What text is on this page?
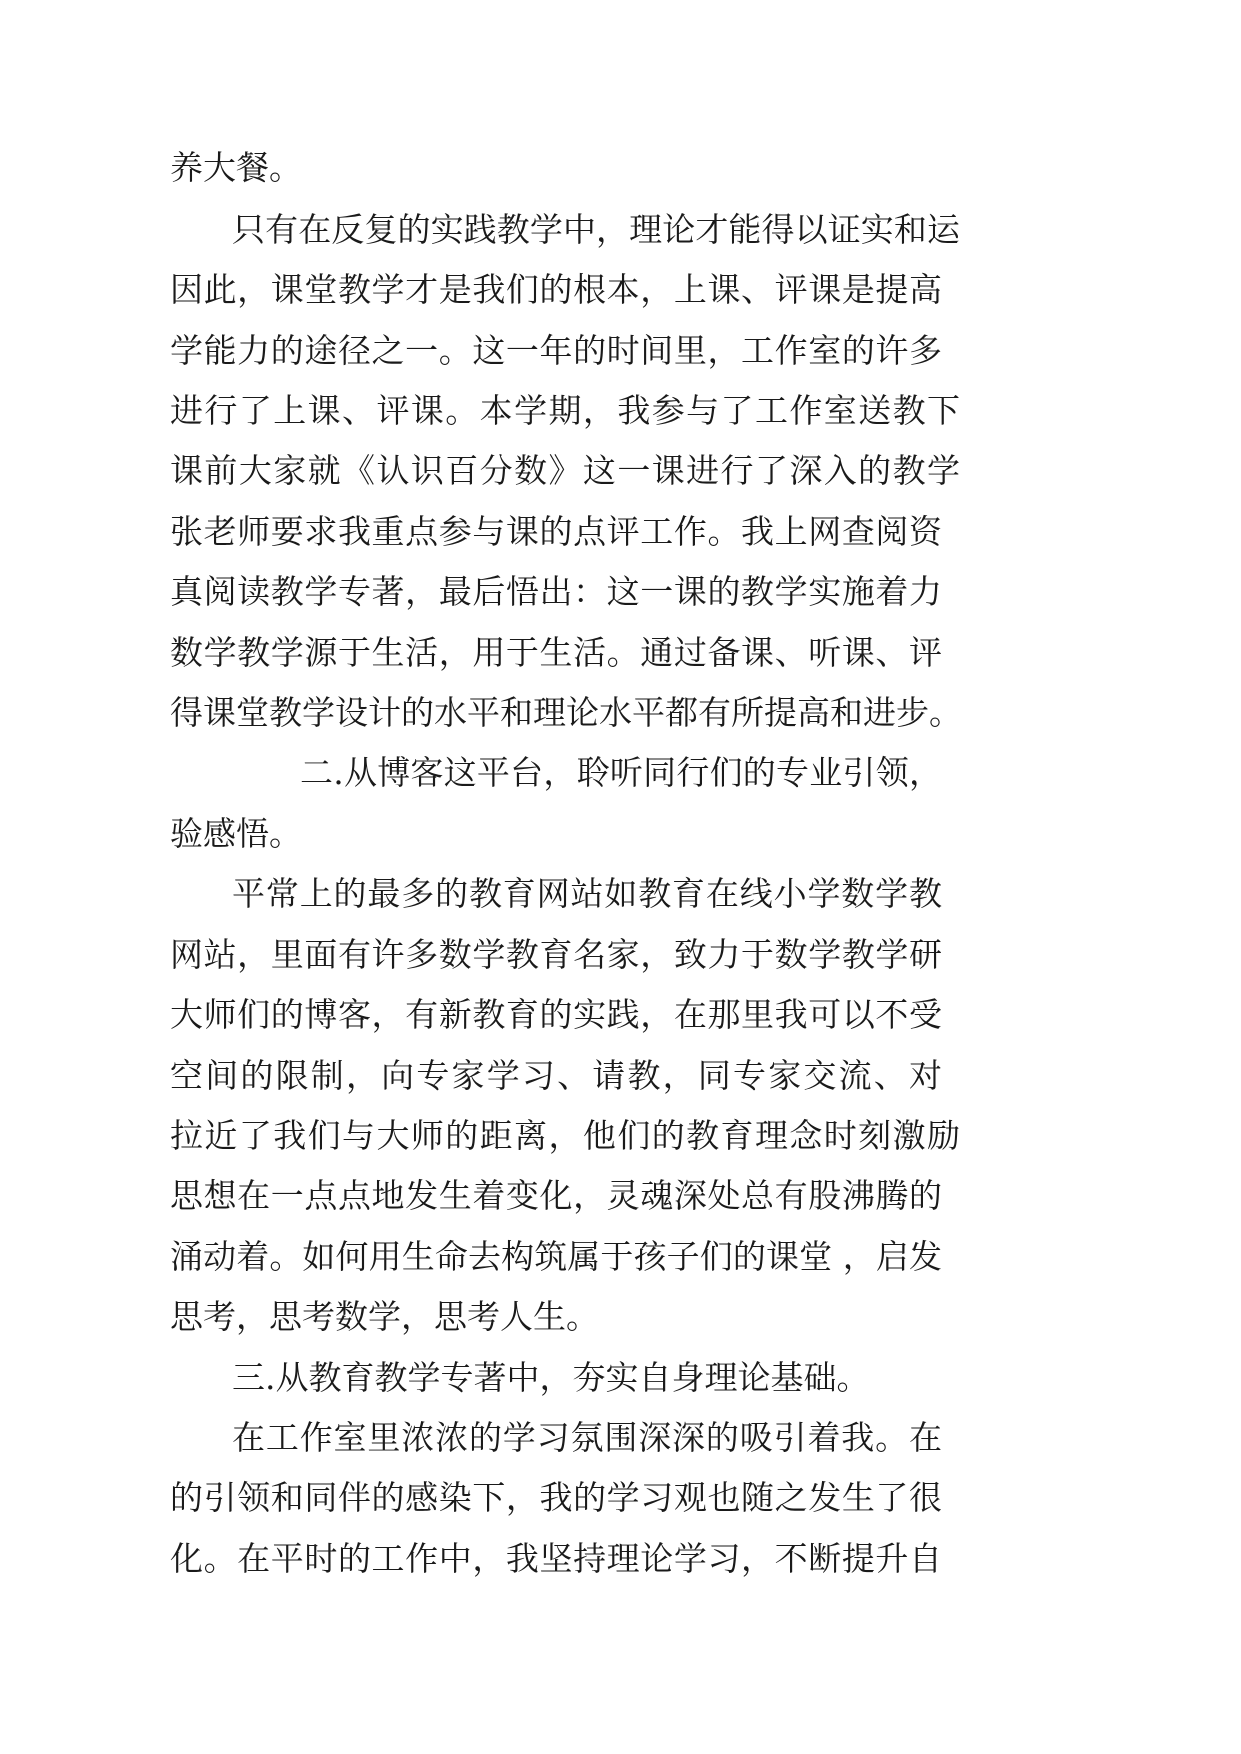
养大餐。
只有在反复的实践教学中，理论才能得以证实和运
因此，课堂教学才是我们的根本，上课、评课是提高
学能力的途径之一。这一年的时间里，工作室的许多
进行了上课、评课。本学期，我参与了工作室送教下
课前大家就《认识百分数》这一课进行了深入的教学
张老师要求我重点参与课的点评工作。我上网查阅资
真阅读教学专著，最后悟出：这一课的教学实施着力
数学教学源于生活，用于生活。通过备课、听课、评
得课堂教学设计的水平和理论水平都有所提高和进步。
二.从博客这平台，聆听同行们的专业引领，
验感悟。
平常上的最多的教育网站如教育在线小学数学教
网站，里面有许多数学教育名家，致力于数学教学研
大师们的博客，有新教育的实践，在那里我可以不受
空间的限制，向专家学习、请教，同专家交流、对
拉近了我们与大师的距离，他们的教育理念时刻激励
思想在一点点地发生着变化，灵魂深处总有股沸腾的
涌动着。如何用生命去构筑属于孩子们的课堂 ，启发
思考，思考数学，思考人生。
三.从教育教学专著中，夯实自身理论基础。
在工作室里浓浓的学习氛围深深的吸引着我。在
的引领和同伴的感染下，我的学习观也随之发生了很
化。在平时的工作中，我坚持理论学习，不断提升自
